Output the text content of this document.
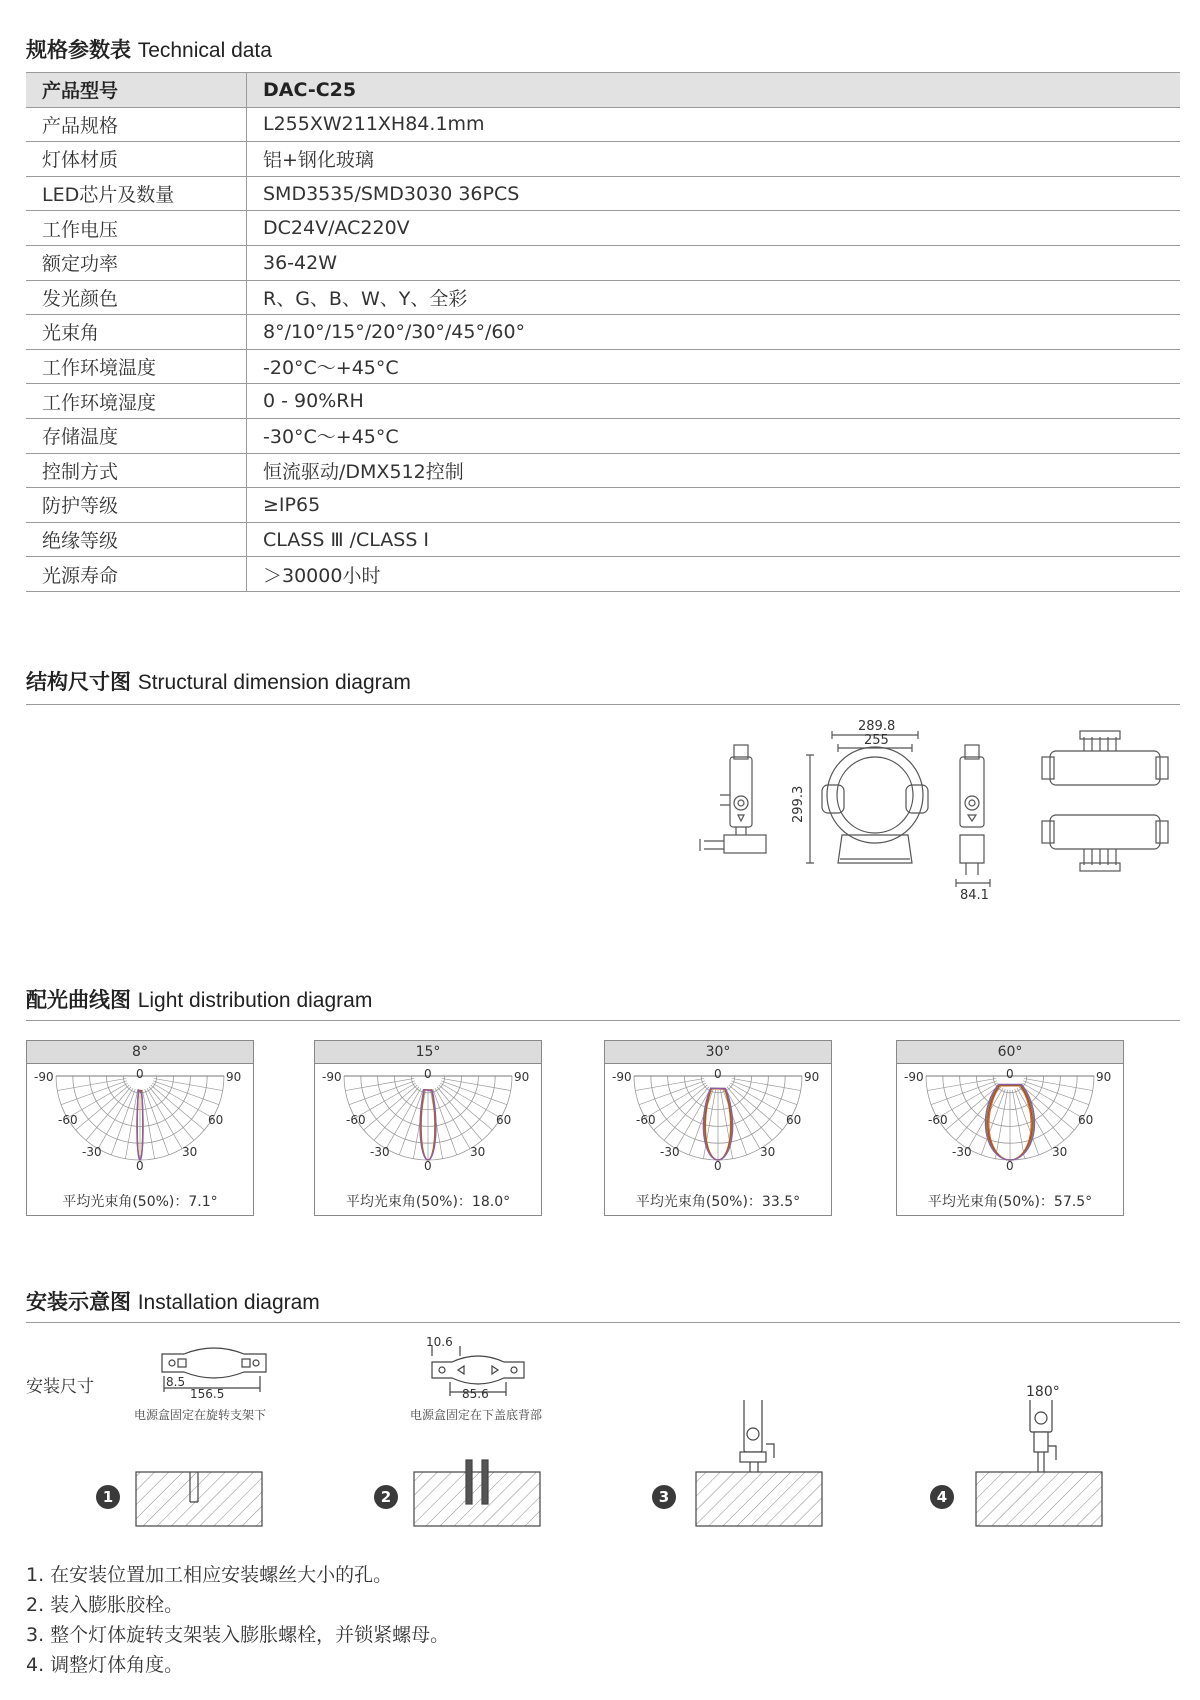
规格参数表 Technical data
产品型号	DAC-C25
产品规格	L255XW211XH84.1mm
灯体材质	铝+钢化玻璃
LED芯片及数量	SMD3535/SMD3030 36PCS
工作电压	DC24V/AC220V
额定功率	36-42W
发光颜色	R、G、B、W、Y、全彩
光束角	8°/10°/15°/20°/30°/45°/60°
工作环境温度	-20°C～+45°C
工作环境湿度	0 - 90%RH
存储温度	-30°C～+45°C
控制方式	恒流驱动/DMX512控制
防护等级	≥IP65
绝缘等级	CLASS Ⅲ /CLASS Ⅰ
光源寿命	＞30000小时
结构尺寸图 Structural dimension diagram
289.8
255
299.3
84.1
配光曲线图 Light distribution diagram
8°
-90	90
-60	60
-30	30
0
0
平均光束角(50%)：7.1°
15°
-90	90
-60	60
-30	30
0
0
平均光束角(50%)：18.0°
30°
-90	90
-60	60
-30	30
0
0
平均光束角(50%)：33.5°
60°
-90	90
-60	60
-30	30
0
0
平均光束角(50%)：57.5°
安装示意图 Installation diagram
安装尺寸	8.5
156.5
电源盒固定在旋转支架下
10.6
85.6
电源盒固定在下盖底背部
1	2	3	4
180°
1. 在安装位置加工相应安装螺丝大小的孔。
2. 装入膨胀胶栓。
3. 整个灯体旋转支架装入膨胀螺栓，并锁紧螺母。
4. 调整灯体角度。
